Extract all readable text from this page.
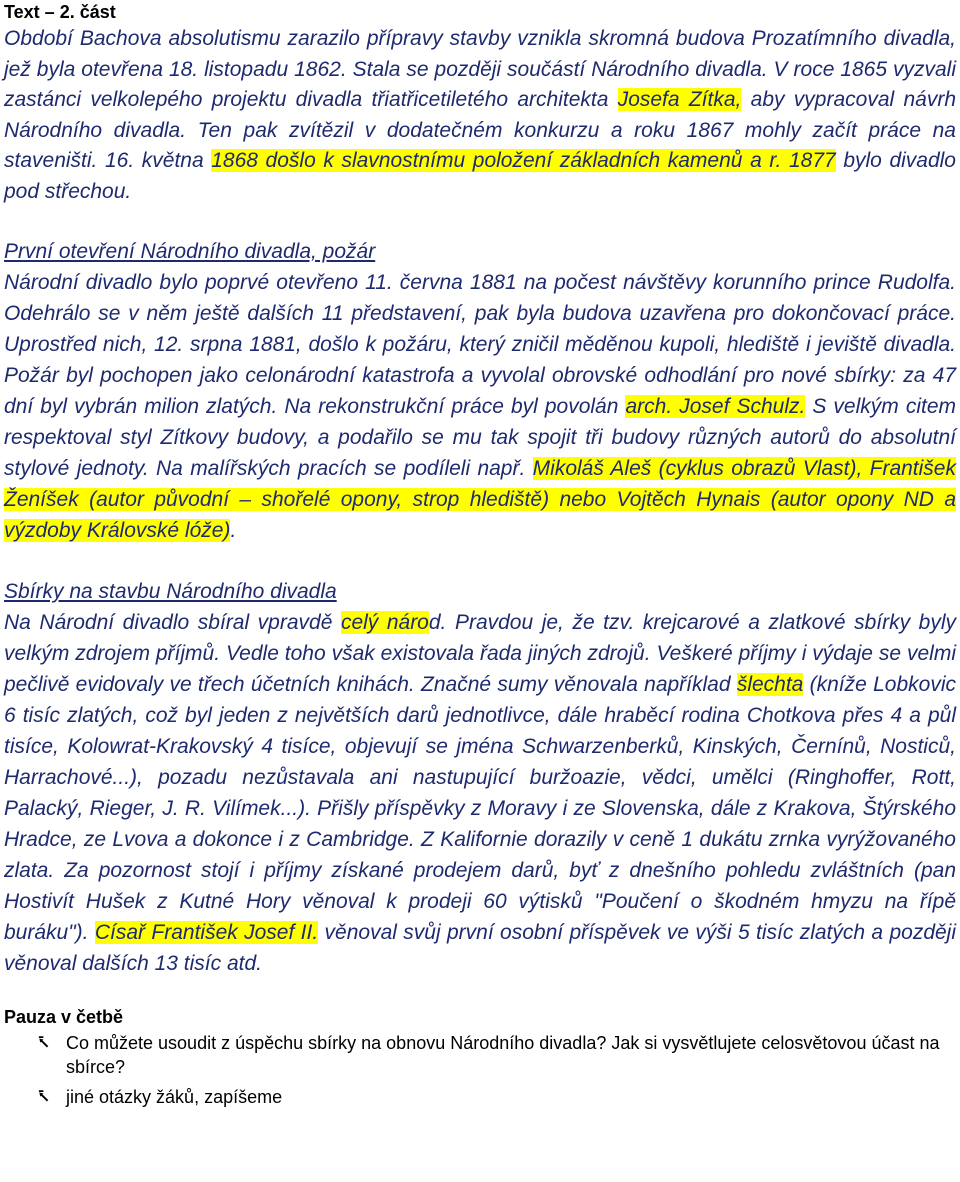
Text – 2. část

Období Bachova absolutismu zarazilo přípravy stavby vznikla skromná budova Prozatímního divadla, jež byla otevřena 18. listopadu 1862. Stala se později součástí Národního divadla. V roce 1865 vyzvali zastánci velkolepého projektu divadla třiatřicetiletého architekta Josefa Zítka, aby vypracoval návrh Národního divadla. Ten pak zvítězil v dodatečném konkurzu a roku 1867 mohly začít práce na staveništi. 16. května 1868 došlo k slavnostnímu položení základních kamenů a r. 1877 bylo divadlo pod střechou.

První otevření Národního divadla, požár

Národní divadlo bylo poprvé otevřeno 11. června 1881 na počest návštěvy korunního prince Rudolfa. Odehrálo se v něm ještě dalších 11 představení, pak byla budova uzavřena pro dokončovací práce. Uprostřed nich, 12. srpna 1881, došlo k požáru, který zničil měděnou kupoli, hlediště i jeviště divadla. Požár byl pochopen jako celonárodní katastrofa a vyvolal obrovské odhodlání pro nové sbírky: za 47 dní byl vybrán milion zlatých. Na rekonstrukční práce byl povolán arch. Josef Schulz. S velkým citem respektoval styl Zítkovy budovy, a podařilo se mu tak spojit tři budovy různých autorů do absolutní stylové jednoty. Na malířských pracích se podíleli např. Mikoláš Aleš (cyklus obrazů Vlast), František Ženíšek (autor původní – shořelé opony, strop hlediště) nebo Vojtěch Hynais (autor opony ND a výzdoby Královské lóže).

Sbírky na stavbu Národního divadla

Na Národní divadlo sbíral vpravdě celý národ. Pravdou je, že tzv. krejcarové a zlatkové sbírky byly velkým zdrojem příjmů. Vedle toho však existovala řada jiných zdrojů. Veškeré příjmy i výdaje se velmi pečlivě evidovaly ve třech účetních knihách. Značné sumy věnovala například šlechta (kníže Lobkovic 6 tisíc zlatých, což byl jeden z největších darů jednotlivce, dále hraběcí rodina Chotkova přes 4 a půl tisíce, Kolowrat-Krakovský 4 tisíce, objevují se jména Schwarzenberků, Kinských, Černínů, Nosticů, Harrachové...), pozadu nezůstavala ani nastupující buržoazie, vědci, umělci (Ringhoffer, Rott, Palacký, Rieger, J. R. Vilímek...). Přišly příspěvky z Moravy i ze Slovenska, dále z Krakova, Štýrského Hradce, ze Lvova a dokonce i z Cambridge. Z Kalifornie dorazily v ceně 1 dukátu zrnka vyrýžovaného zlata. Za pozornost stojí i příjmy získané prodejem darů, byť z dnešního pohledu zvláštních (pan Hostivít Hušek z Kutné Hory věnoval k prodeji 60 výtisků "Poučení o škodném hmyzu na řípě buráku"). Císař František Josef II. věnoval svůj první osobní příspěvek ve výši 5 tisíc zlatých a později věnoval dalších 13 tisíc atd.

Pauza v četbě

⭶ Co můžete usoudit z úspěchu sbírky na obnovu Národního divadla? Jak si vysvětlujete celosvětovou účast na sbírce?
⭶ jiné otázky žáků, zapíšeme
